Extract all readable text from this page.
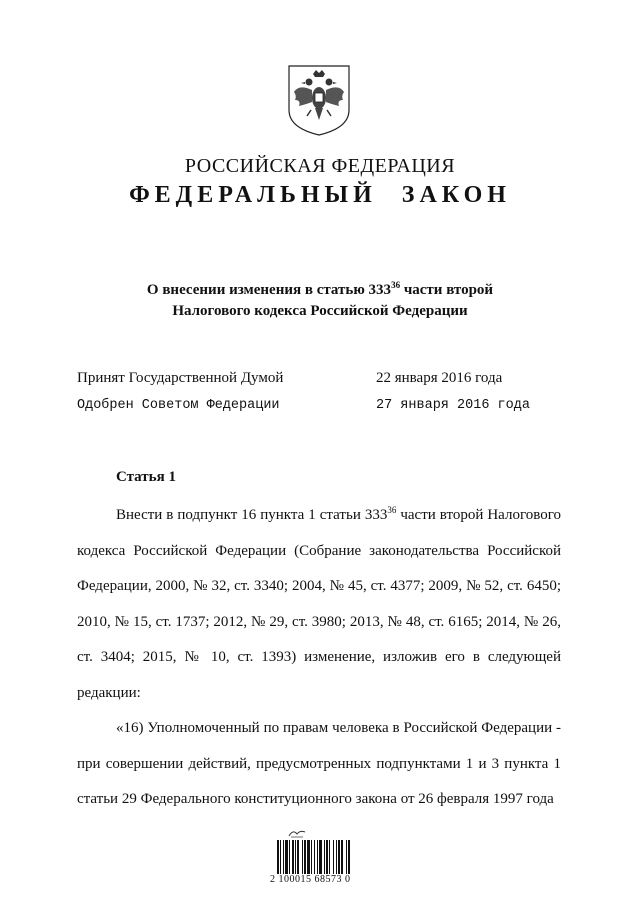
РОССИЙСКАЯ ФЕДЕРАЦИЯ
ФЕДЕРАЛЬНЫЙ ЗАКОН
О внесении изменения в статью $333^{36}$ части второй
Налогового кодекса Российской Федерации
Принят Государственной Думой	22 января 2016 года
Одобрен Советом Федерации	27 января 2016 года
Статья 1

Внести в подпункт 16 пункта 1 статьи $333^{36}$ части второй Налогового кодекса Российской Федерации (Собрание законодательства Российской Федерации, 2000, № 32, ст. 3340; 2004, № 45, ст. 4377; 2009, № 52, ст. 6450; 2010, № 15, ст. 1737; 2012, № 29, ст. 3980; 2013, № 48, ст. 6165; 2014, № 26, ст. 3404; 2015, № 10, ст. 1393) изменение, изложив его в следующей редакции:

«16) Уполномоченный по правам человека в Российской Федерации - при совершении действий, предусмотренных подпунктами 1 и 3 пункта 1 статьи 29 Федерального конституционного закона от 26 февраля 1997 года

2 100015 68573 0
